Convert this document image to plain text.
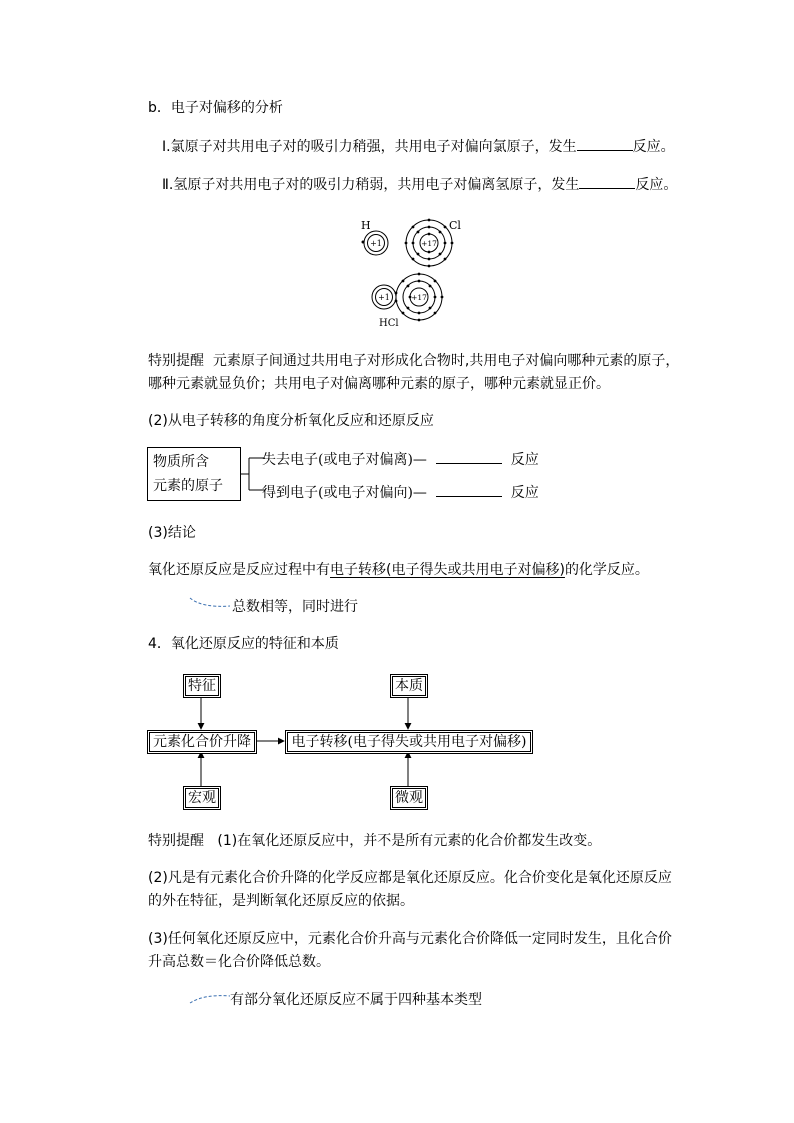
b．电子对偏移的分析
Ⅰ.氯原子对共用电子对的吸引力稍强，共用电子对偏向氯原子，发生	反应。
Ⅱ.氢原子对共用电子对的吸引力稍弱，共用电子对偏离氢原子，发生	反应。
H
+1
Cl
+17
+1	+17
HCl
特别提醒 元素原子间通过共用电子对形成化合物时,共用电子对偏向哪种元素的原子，
哪种元素就显负价；共用电子对偏离哪种元素的原子，哪种元素就显正价。
(2)从电子转移的角度分析氧化反应和还原反应
物质所含
元素的原子
失去电子(或电子对偏离)—	反应
得到电子(或电子对偏向)—	反应
(3)结论
氧化还原反应是反应过程中有电子转移(电子得失或共用电子对偏移)的化学反应。
总数相等，同时进行
4．氧化还原反应的特征和本质
特征	本质
元素化合价升降	电子转移(电子得失或共用电子对偏移)
宏观	微观
特别提醒 (1)在氧化还原反应中，并不是所有元素的化合价都发生改变。
(2)凡是有元素化合价升降的化学反应都是氧化还原反应。化合价变化是氧化还原反应
的外在特征，是判断氧化还原反应的依据。
(3)任何氧化还原反应中，元素化合价升高与元素化合价降低一定同时发生，且化合价
升高总数＝化合价降低总数。
有部分氧化还原反应不属于四种基本类型
